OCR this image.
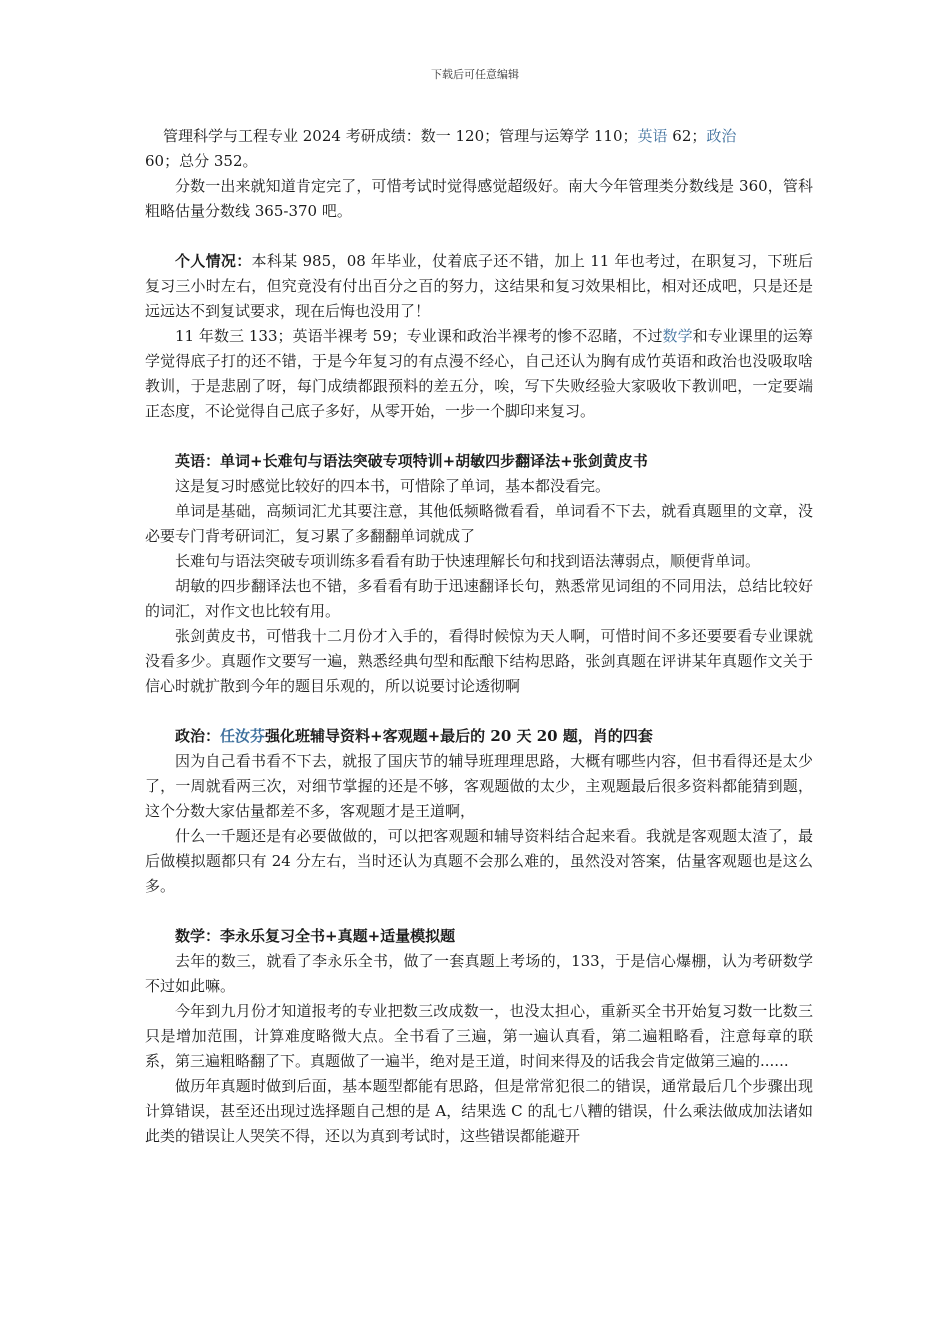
下载后可任意编辑

管理科学与工程专业 2024 考研成绩：数一 120；管理与运筹学 110；英语 62；政治
60；总分 352。

分数一出来就知道肯定完了，可惜考试时觉得感觉超级好。南大今年管理类分数线是 360，管科粗略估量分数线 365-370 吧。

个人情况：本科某 985，08 年毕业，仗着底子还不错，加上 11 年也考过，在职复习，下班后复习三小时左右，但究竟没有付出百分之百的努力，这结果和复习效果相比，相对还成吧，只是还是远远达不到复试要求，现在后悔也没用了！

11 年数三 133；英语半裸考 59；专业课和政治半裸考的惨不忍睹，不过数学和专业课里的运筹学觉得底子打的还不错，于是今年复习的有点漫不经心，自己还认为胸有成竹英语和政治也没吸取啥教训，于是悲剧了呀，每门成绩都跟预料的差五分，唉，写下失败经验大家吸收下教训吧，一定要端正态度，不论觉得自己底子多好，从零开始，一步一个脚印来复习。

英语：单词+长难句与语法突破专项特训+胡敏四步翻译法+张剑黄皮书

这是复习时感觉比较好的四本书，可惜除了单词，基本都没看完。

单词是基础，高频词汇尤其要注意，其他低频略微看看，单词看不下去，就看真题里的文章，没必要专门背考研词汇，复习累了多翻翻单词就成了

长难句与语法突破专项训练多看看有助于快速理解长句和找到语法薄弱点，顺便背单词。

胡敏的四步翻译法也不错，多看看有助于迅速翻译长句，熟悉常见词组的不同用法，总结比较好的词汇，对作文也比较有用。

张剑黄皮书，可惜我十二月份才入手的，看得时候惊为天人啊，可惜时间不多还要要看专业课就没看多少。真题作文要写一遍，熟悉经典句型和酝酿下结构思路，张剑真题在评讲某年真题作文关于信心时就扩散到今年的题目乐观的，所以说要讨论透彻啊

政治：任汝芬强化班辅导资料+客观题+最后的 20 天 20 题，肖的四套

因为自己看书看不下去，就报了国庆节的辅导班理理思路，大概有哪些内容，但书看得还是太少了，一周就看两三次，对细节掌握的还是不够，客观题做的太少，主观题最后很多资料都能猜到题，这个分数大家估量都差不多，客观题才是王道啊，

什么一千题还是有必要做做的，可以把客观题和辅导资料结合起来看。我就是客观题太渣了，最后做模拟题都只有 24 分左右，当时还认为真题不会那么难的，虽然没对答案，估量客观题也是这么多。

数学：李永乐复习全书+真题+适量模拟题

去年的数三，就看了李永乐全书，做了一套真题上考场的，133，于是信心爆棚，认为考研数学不过如此嘛。

今年到九月份才知道报考的专业把数三改成数一，也没太担心，重新买全书开始复习数一比数三只是增加范围，计算难度略微大点。全书看了三遍，第一遍认真看，第二遍粗略看，注意每章的联系，第三遍粗略翻了下。真题做了一遍半，绝对是王道，时间来得及的话我会肯定做第三遍的......

做历年真题时做到后面，基本题型都能有思路，但是常常犯很二的错误，通常最后几个步骤出现计算错误，甚至还出现过选择题自己想的是 A，结果选 C 的乱七八糟的错误，什么乘法做成加法诸如此类的错误让人哭笑不得，还以为真到考试时，这些错误都能避开
